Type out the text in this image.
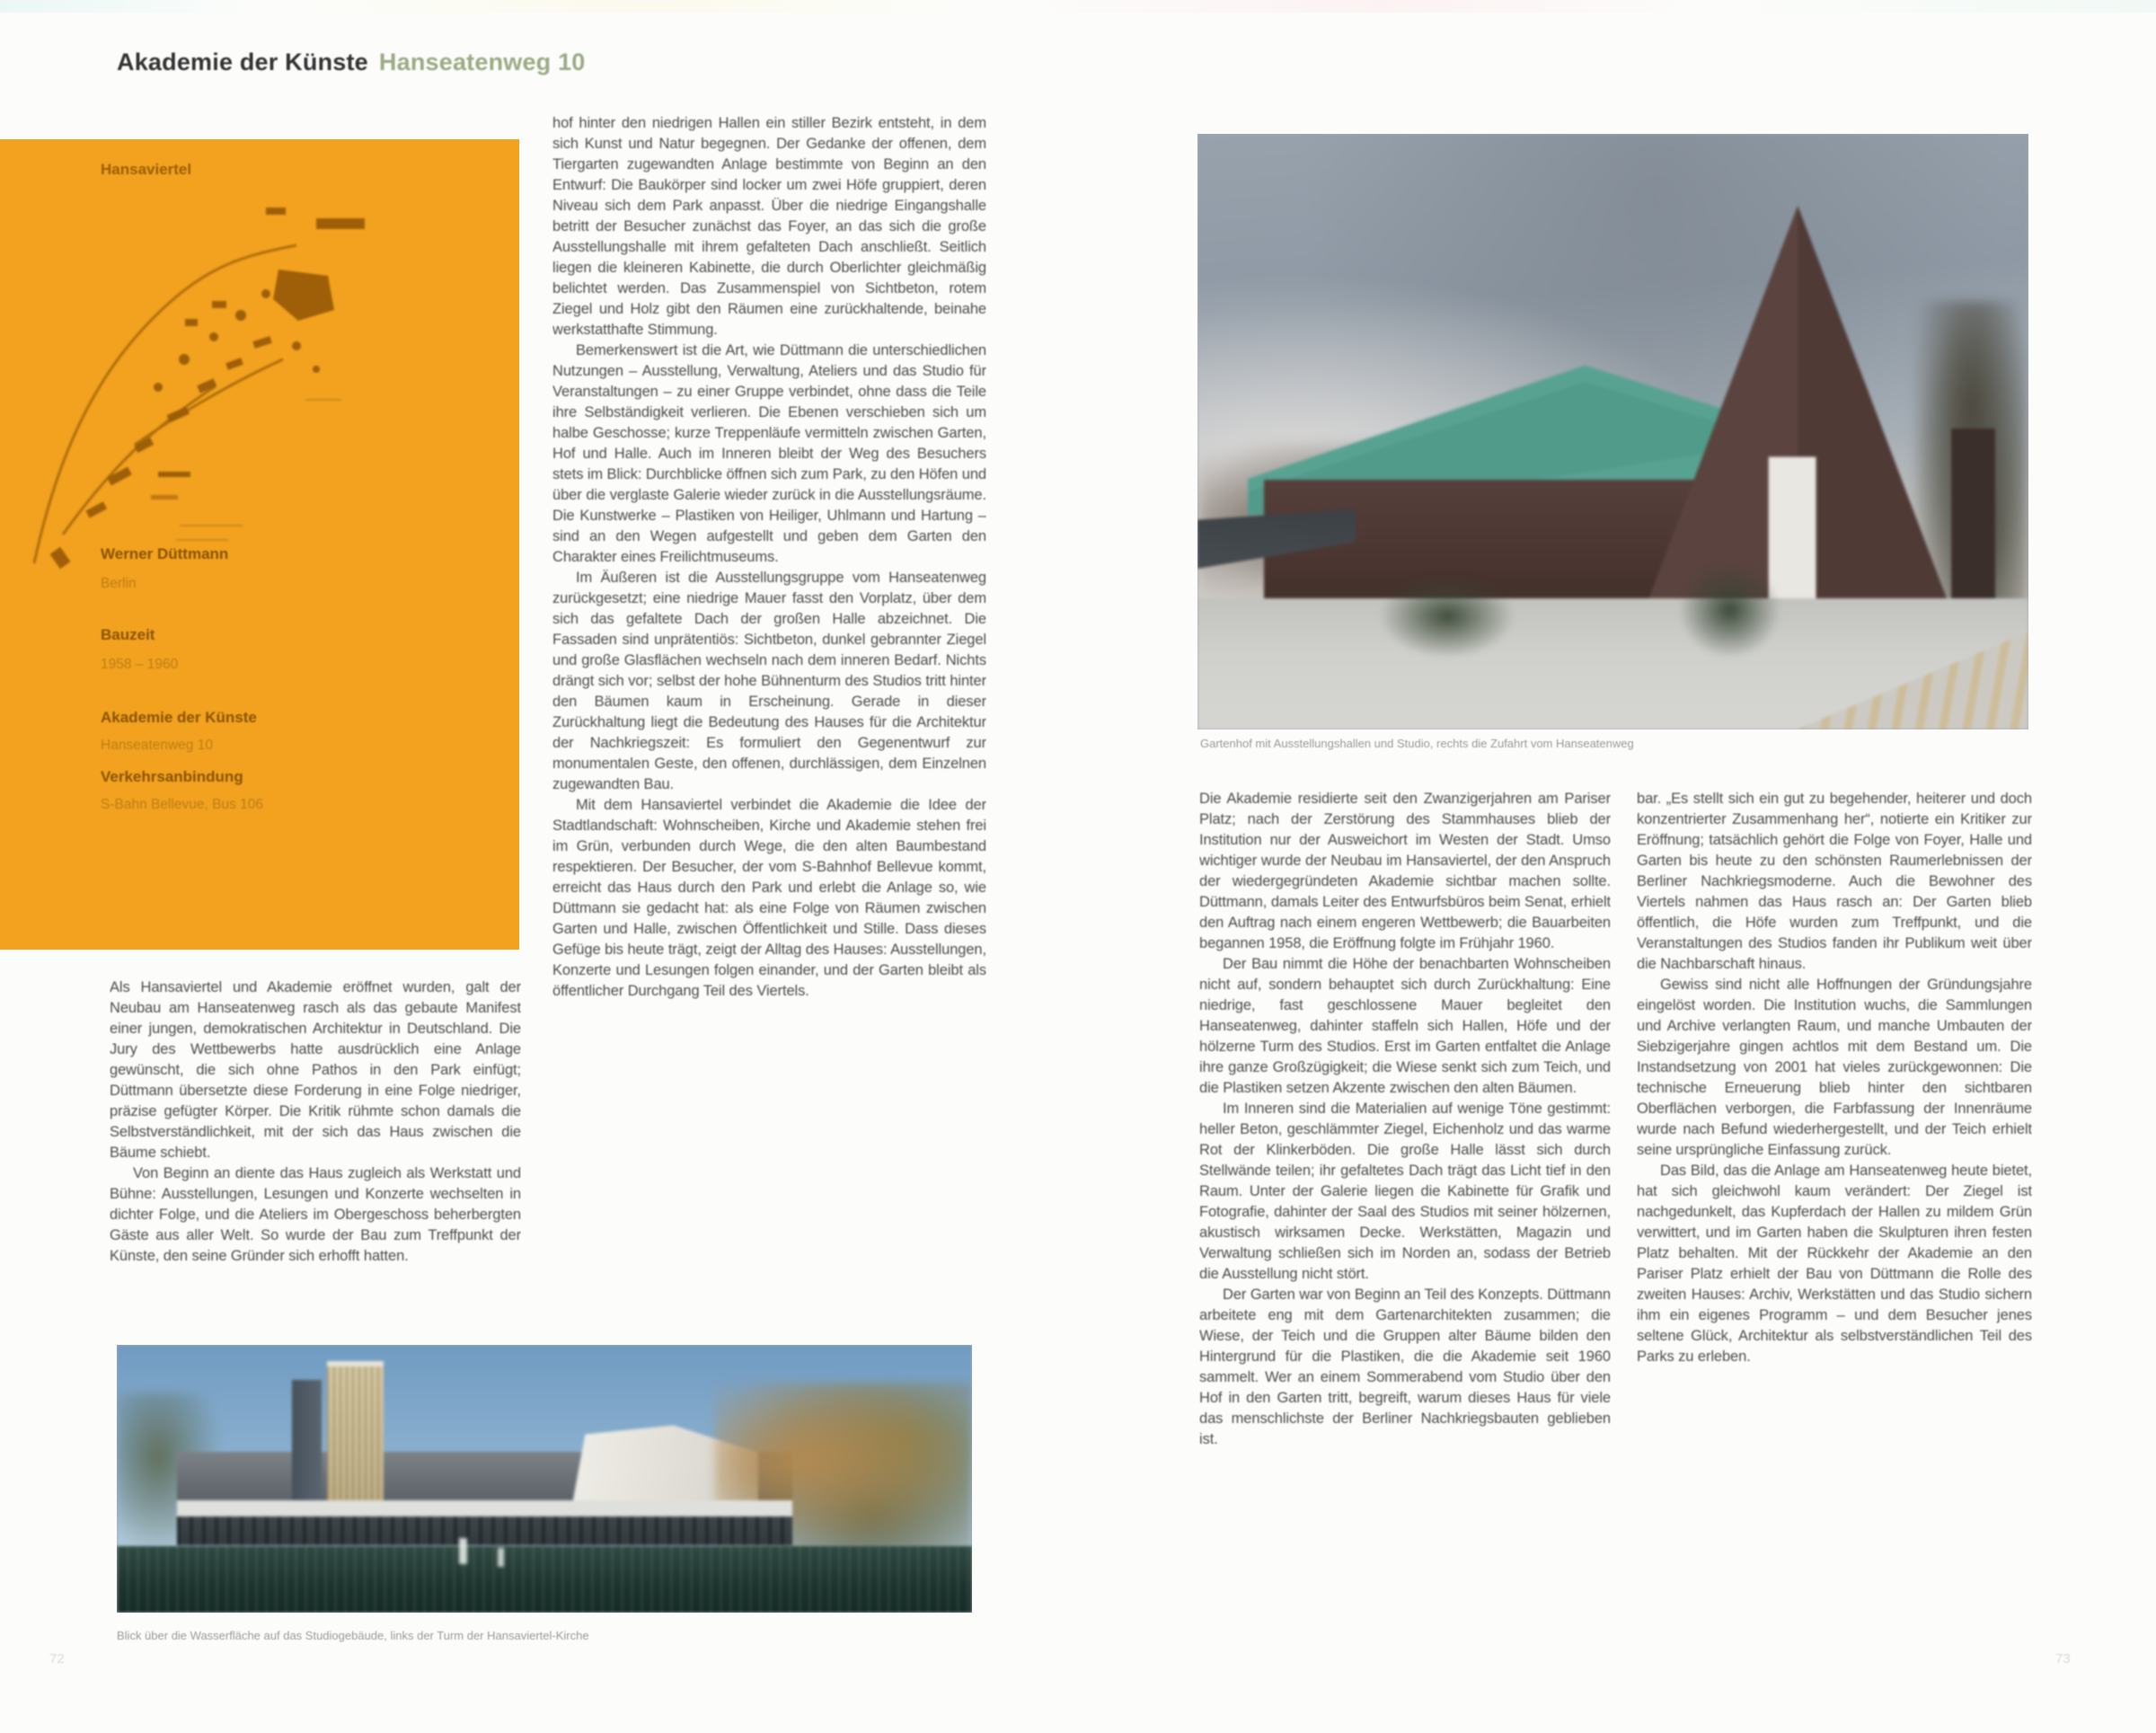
Akademie der Künste Hanseatenweg 10
Hansaviertel
Werner Düttmann
Berlin
Bauzeit
1958 – 1960
Akademie der Künste
Hanseatenweg 10
Verkehrsanbindung
S-Bahn Bellevue, Bus 106

hof hinter den niedrigen Hallen ein stiller Bezirk entsteht, in dem sich Kunst und Natur begegnen. Der Gedanke der offenen, dem Tiergarten zugewandten Anlage bestimmte von Beginn an den Entwurf: Die Baukörper sind locker um zwei Höfe gruppiert, deren Niveau sich dem Park anpasst. Über die niedrige Eingangshalle betritt der Besucher zunächst das Foyer, an das sich die große Ausstellungshalle mit ihrem gefalteten Dach anschließt. Seitlich liegen die kleineren Kabinette, die durch Oberlichter gleichmäßig belichtet werden. Das Zusammenspiel von Sichtbeton, rotem Ziegel und Holz gibt den Räumen eine zurückhaltende, beinahe werkstatthafte Stimmung.

Bemerkenswert ist die Art, wie Düttmann die unterschiedlichen Nutzungen – Ausstellung, Verwaltung, Ateliers und das Studio für Veranstaltungen – zu einer Gruppe verbindet, ohne dass die Teile ihre Selbständigkeit verlieren. Die Ebenen verschieben sich um halbe Geschosse; kurze Treppenläufe vermitteln zwischen Garten, Hof und Halle. Auch im Inneren bleibt der Weg des Besuchers stets im Blick: Durchblicke öffnen sich zum Park, zu den Höfen und über die verglaste Galerie wieder zurück in die Ausstellungsräume. Die Kunstwerke – Plastiken von Heiliger, Uhlmann und Hartung – sind an den Wegen aufgestellt und geben dem Garten den Charakter eines Freilichtmuseums.

Im Äußeren ist die Ausstellungsgruppe vom Hanseatenweg zurückgesetzt; eine niedrige Mauer fasst den Vorplatz, über dem sich das gefaltete Dach der großen Halle abzeichnet. Die Fassaden sind unprätentiös: Sichtbeton, dunkel gebrannter Ziegel und große Glasflächen wechseln nach dem inneren Bedarf. Nichts drängt sich vor; selbst der hohe Bühnenturm des Studios tritt hinter den Bäumen kaum in Erscheinung. Gerade in dieser Zurückhaltung liegt die Bedeutung des Hauses für die Architektur der Nachkriegszeit: Es formuliert den Gegenentwurf zur monumentalen Geste, den offenen, durchlässigen, dem Einzelnen zugewandten Bau.

Mit dem Hansaviertel verbindet die Akademie die Idee der Stadtlandschaft: Wohnscheiben, Kirche und Akademie stehen frei im Grün, verbunden durch Wege, die den alten Baumbestand respektieren. Der Besucher, der vom S-Bahnhof Bellevue kommt, erreicht das Haus durch den Park und erlebt die Anlage so, wie Düttmann sie gedacht hat: als eine Folge von Räumen zwischen Garten und Halle, zwischen Öffentlichkeit und Stille. Dass dieses Gefüge bis heute trägt, zeigt der Alltag des Hauses: Ausstellungen, Konzerte und Lesungen folgen einander, und der Garten bleibt als öffentlicher Durchgang Teil des Viertels.

Als Hansaviertel und Akademie eröffnet wurden, galt der Neubau am Hanseatenweg rasch als das gebaute Manifest einer jungen, demokratischen Architektur in Deutschland. Die Jury des Wettbewerbs hatte ausdrücklich eine Anlage gewünscht, die sich ohne Pathos in den Park einfügt; Düttmann übersetzte diese Forderung in eine Folge niedriger, präzise gefügter Körper. Die Kritik rühmte schon damals die Selbstverständlichkeit, mit der sich das Haus zwischen die Bäume schiebt.

Von Beginn an diente das Haus zugleich als Werkstatt und Bühne: Ausstellungen, Lesungen und Konzerte wechselten in dichter Folge, und die Ateliers im Obergeschoss beherbergten Gäste aus aller Welt. So wurde der Bau zum Treffpunkt der Künste, den seine Gründer sich erhofft hatten.

Blick über die Wasserfläche auf das Studiogebäude, links der Turm der Hansaviertel-Kirche
72
Gartenhof mit Ausstellungshallen und Studio, rechts die Zufahrt vom Hanseatenweg

Die Akademie residierte seit den Zwanzigerjahren am Pariser Platz; nach der Zerstörung des Stammhauses blieb der Institution nur der Ausweichort im Westen der Stadt. Umso wichtiger wurde der Neubau im Hansaviertel, der den Anspruch der wiedergegründeten Akademie sichtbar machen sollte. Düttmann, damals Leiter des Entwurfsbüros beim Senat, erhielt den Auftrag nach einem engeren Wettbewerb; die Bauarbeiten begannen 1958, die Eröffnung folgte im Frühjahr 1960.

Der Bau nimmt die Höhe der benachbarten Wohnscheiben nicht auf, sondern behauptet sich durch Zurückhaltung: Eine niedrige, fast geschlossene Mauer begleitet den Hanseatenweg, dahinter staffeln sich Hallen, Höfe und der hölzerne Turm des Studios. Erst im Garten entfaltet die Anlage ihre ganze Großzügigkeit; die Wiese senkt sich zum Teich, und die Plastiken setzen Akzente zwischen den alten Bäumen.

Im Inneren sind die Materialien auf wenige Töne gestimmt: heller Beton, geschlämmter Ziegel, Eichenholz und das warme Rot der Klinkerböden. Die große Halle lässt sich durch Stellwände teilen; ihr gefaltetes Dach trägt das Licht tief in den Raum. Unter der Galerie liegen die Kabinette für Grafik und Fotografie, dahinter der Saal des Studios mit seiner hölzernen, akustisch wirksamen Decke. Werkstätten, Magazin und Verwaltung schließen sich im Norden an, sodass der Betrieb die Ausstellung nicht stört.

Der Garten war von Beginn an Teil des Konzepts. Düttmann arbeitete eng mit dem Gartenarchitekten zusammen; die Wiese, der Teich und die Gruppen alter Bäume bilden den Hintergrund für die Plastiken, die die Akademie seit 1960 sammelt. Wer an einem Sommerabend vom Studio über den Hof in den Garten tritt, begreift, warum dieses Haus für viele das menschlichste der Berliner Nachkriegsbauten geblieben ist.

bar. „Es stellt sich ein gut zu begehender, heiterer und doch konzentrierter Zusammenhang her“, notierte ein Kritiker zur Eröffnung; tatsächlich gehört die Folge von Foyer, Halle und Garten bis heute zu den schönsten Raumerlebnissen der Berliner Nachkriegsmoderne. Auch die Bewohner des Viertels nahmen das Haus rasch an: Der Garten blieb öffentlich, die Höfe wurden zum Treffpunkt, und die Veranstaltungen des Studios fanden ihr Publikum weit über die Nachbarschaft hinaus.

Gewiss sind nicht alle Hoffnungen der Gründungsjahre eingelöst worden. Die Institution wuchs, die Sammlungen und Archive verlangten Raum, und manche Umbauten der Siebzigerjahre gingen achtlos mit dem Bestand um. Die Instandsetzung von 2001 hat vieles zurückgewonnen: Die technische Erneuerung blieb hinter den sichtbaren Oberflächen verborgen, die Farbfassung der Innenräume wurde nach Befund wiederhergestellt, und der Teich erhielt seine ursprüngliche Einfassung zurück.

Das Bild, das die Anlage am Hanseatenweg heute bietet, hat sich gleichwohl kaum verändert: Der Ziegel ist nachgedunkelt, das Kupferdach der Hallen zu mildem Grün verwittert, und im Garten haben die Skulpturen ihren festen Platz behalten. Mit der Rückkehr der Akademie an den Pariser Platz erhielt der Bau von Düttmann die Rolle des zweiten Hauses: Archiv, Werkstätten und das Studio sichern ihm ein eigenes Programm – und dem Besucher jenes seltene Glück, Architektur als selbstverständlichen Teil des Parks zu erleben.

73
